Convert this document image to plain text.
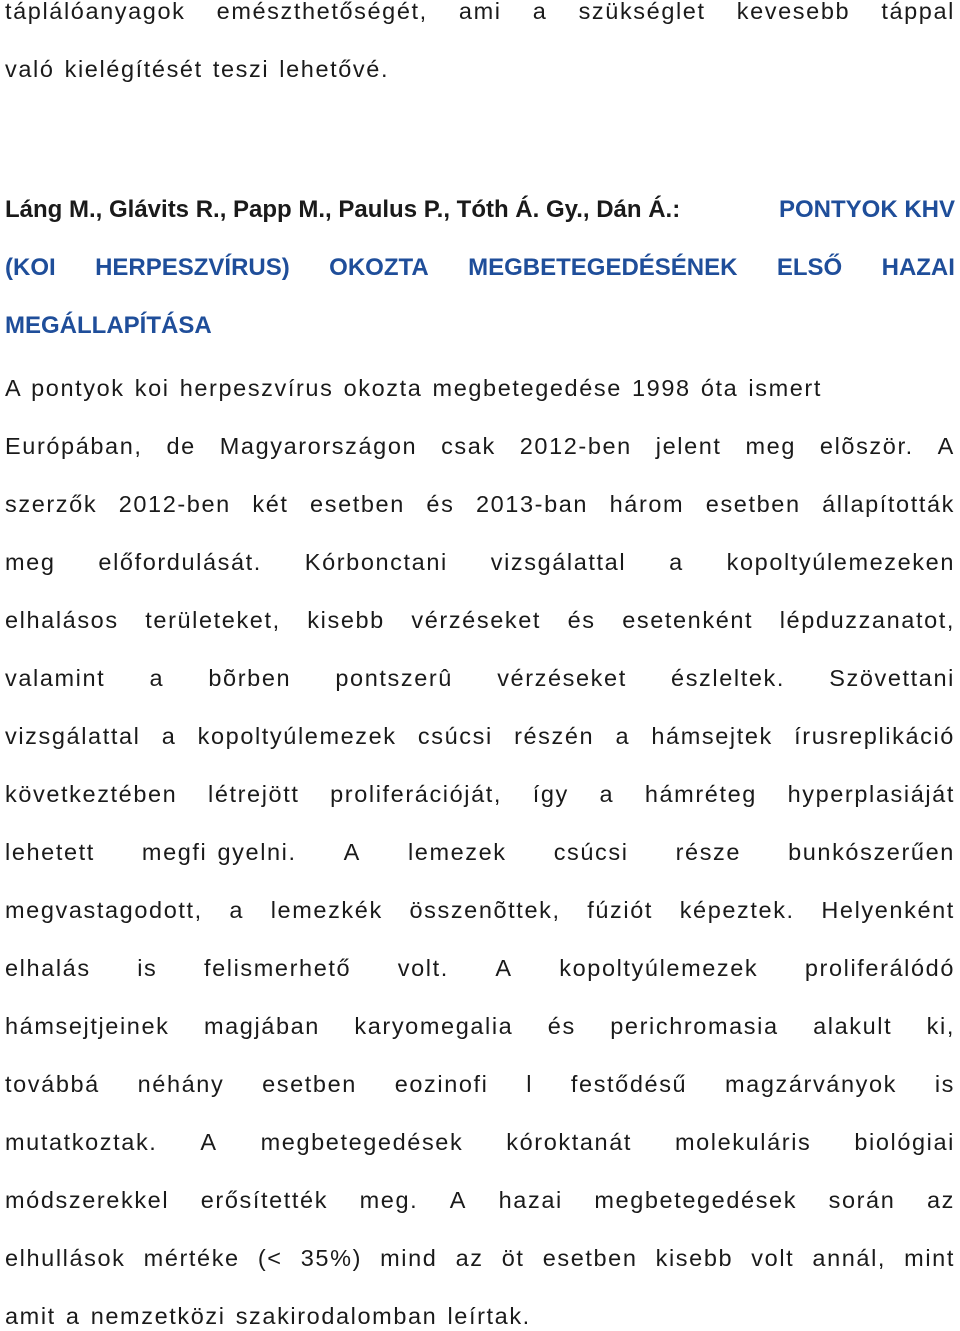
táplálóanyagok emészthetőségét, ami a szükséglet kevesebb táppal
való kielégítését teszi lehetővé.
Láng M., Glávits R., Papp M., Paulus P., Tóth Á. Gy., Dán Á.:	PONTYOK KHV
(KOI HERPESZVÍRUS) OKOZTA MEGBETEGEDÉSÉNEK ELSŐ HAZAI
MEGÁLLAPÍTÁSA
A pontyok koi herpeszvírus okozta megbetegedése 1998 óta ismert
Európában, de Magyarországon csak 2012-ben jelent meg elõször. A
szerzők 2012-ben két esetben és 2013-ban három esetben állapították
meg előfordulását. Kórbonctani vizsgálattal a kopoltyúlemezeken
elhalásos területeket, kisebb vérzéseket és esetenként lépduzzanatot,
valamint a bõrben pontszerû vérzéseket észleltek. Szövettani
vizsgálattal a kopoltyúlemezek csúcsi részén a hámsejtek írusreplikáció
következtében létrejött proliferációját, így a hámréteg hyperplasiáját
lehetett megfi gyelni. A lemezek csúcsi része bunkószerűen
megvastagodott, a lemezkék összenõttek, fúziót képeztek. Helyenként
elhalás is felismerhető volt. A kopoltyúlemezek proliferálódó
hámsejtjeinek magjában karyomegalia és perichromasia alakult ki,
továbbá néhány esetben eozinofi l festődésű magzárványok is
mutatkoztak. A megbetegedések kóroktanát molekuláris biológiai
módszerekkel erősítették meg. A hazai megbetegedések során az
elhullások mértéke (< 35%) mind az öt esetben kisebb volt annál, mint
amit a nemzetközi szakirodalomban leírtak.
